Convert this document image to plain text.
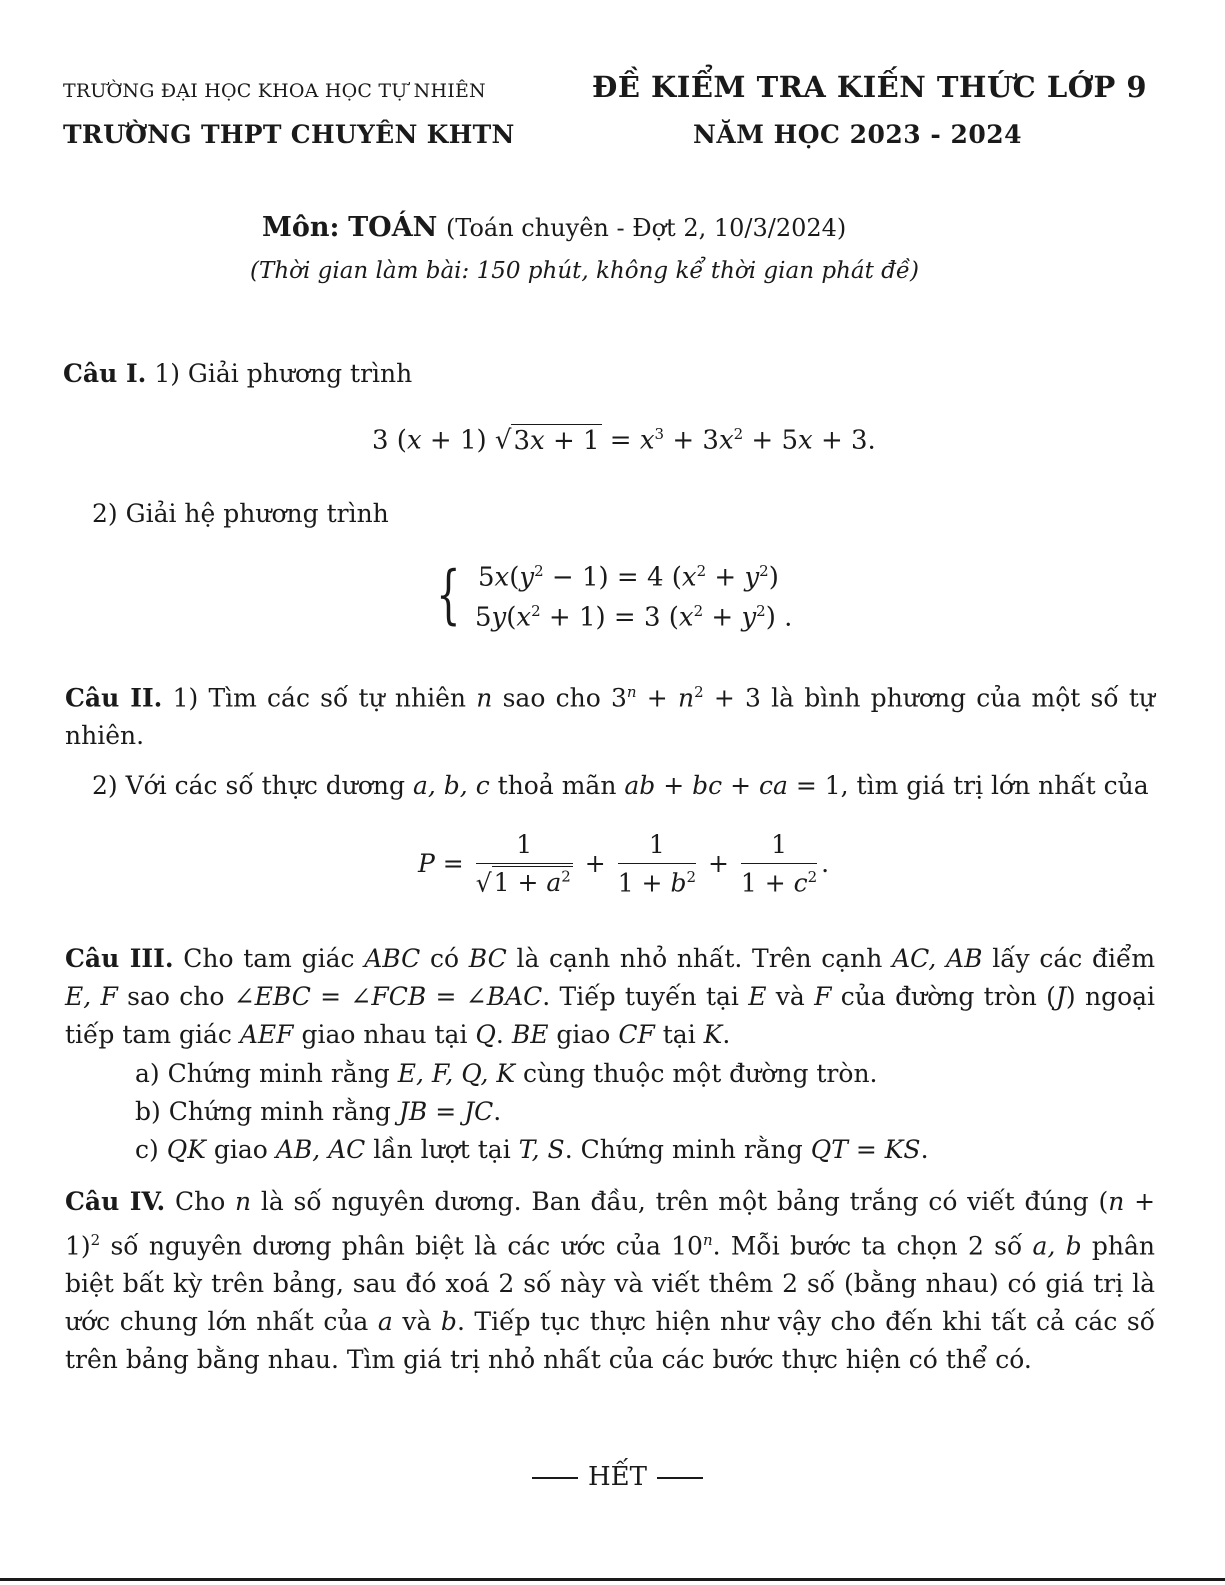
TRƯỜNG ĐẠI HỌC KHOA HỌC TỰ NHIÊN
TRƯỜNG THPT CHUYÊN KHTN
ĐỀ KIỂM TRA KIẾN THỨC LỚP 9
NĂM HỌC 2023 - 2024
Môn: TOÁN (Toán chuyên - Đợt 2, 10/3/2024)
(Thời gian làm bài: 150 phút, không kể thời gian phát đề)
Câu I. 1) Giải phương trình
3 (x + 1) $√3x + 1 = x^3 + 3x^2 + 5x + 3$.
2) Giải hệ phương trình
{ $5x(y^2 - 1) = 4$ $(x^2 + y^2)$
$5y(x^2 + 1) = 3$ $(x^2 + y^2)$ .
Câu II. 1) Tìm các số tự nhiên n sao cho $3^n + n^2 + 3$ là bình phương của một số tự nhiên.
2) Với các số thực dương a, b, c thoả mãn ab + bc + ca = 1, tìm giá trị lớn nhất của
$P = \frac{1}{√1 + a^2} + \frac{1}{1 + b^2} + \frac{1}{1 + c^2}$ .
Câu III. Cho tam giác ABC có BC là cạnh nhỏ nhất. Trên cạnh AC, AB lấy các điểm E, F sao cho ∠EBC = ∠FCB = ∠BAC. Tiếp tuyến tại E và F của đường tròn (J) ngoại tiếp tam giác AEF giao nhau tại Q. BE giao CF tại K.
a) Chứng minh rằng E, F, Q, K cùng thuộc một đường tròn.
b) Chứng minh rằng JB = JC.
c) QK giao AB, AC lần lượt tại T, S. Chứng minh rằng QT = KS.
Câu IV. Cho n là số nguyên dương. Ban đầu, trên một bảng trắng có viết đúng $(n + 1)^2$ số nguyên dương phân biệt là các ước của 10$^n$. Mỗi bước ta chọn 2 số a, b phân biệt bất kỳ trên bảng, sau đó xoá 2 số này và viết thêm 2 số (bằng nhau) có giá trị là ước chung lớn nhất của a và b. Tiếp tục thực hiện như vậy cho đến khi tất cả các số trên bảng bằng nhau. Tìm giá trị nhỏ nhất của các bước thực hiện có thể có.
HẾT
